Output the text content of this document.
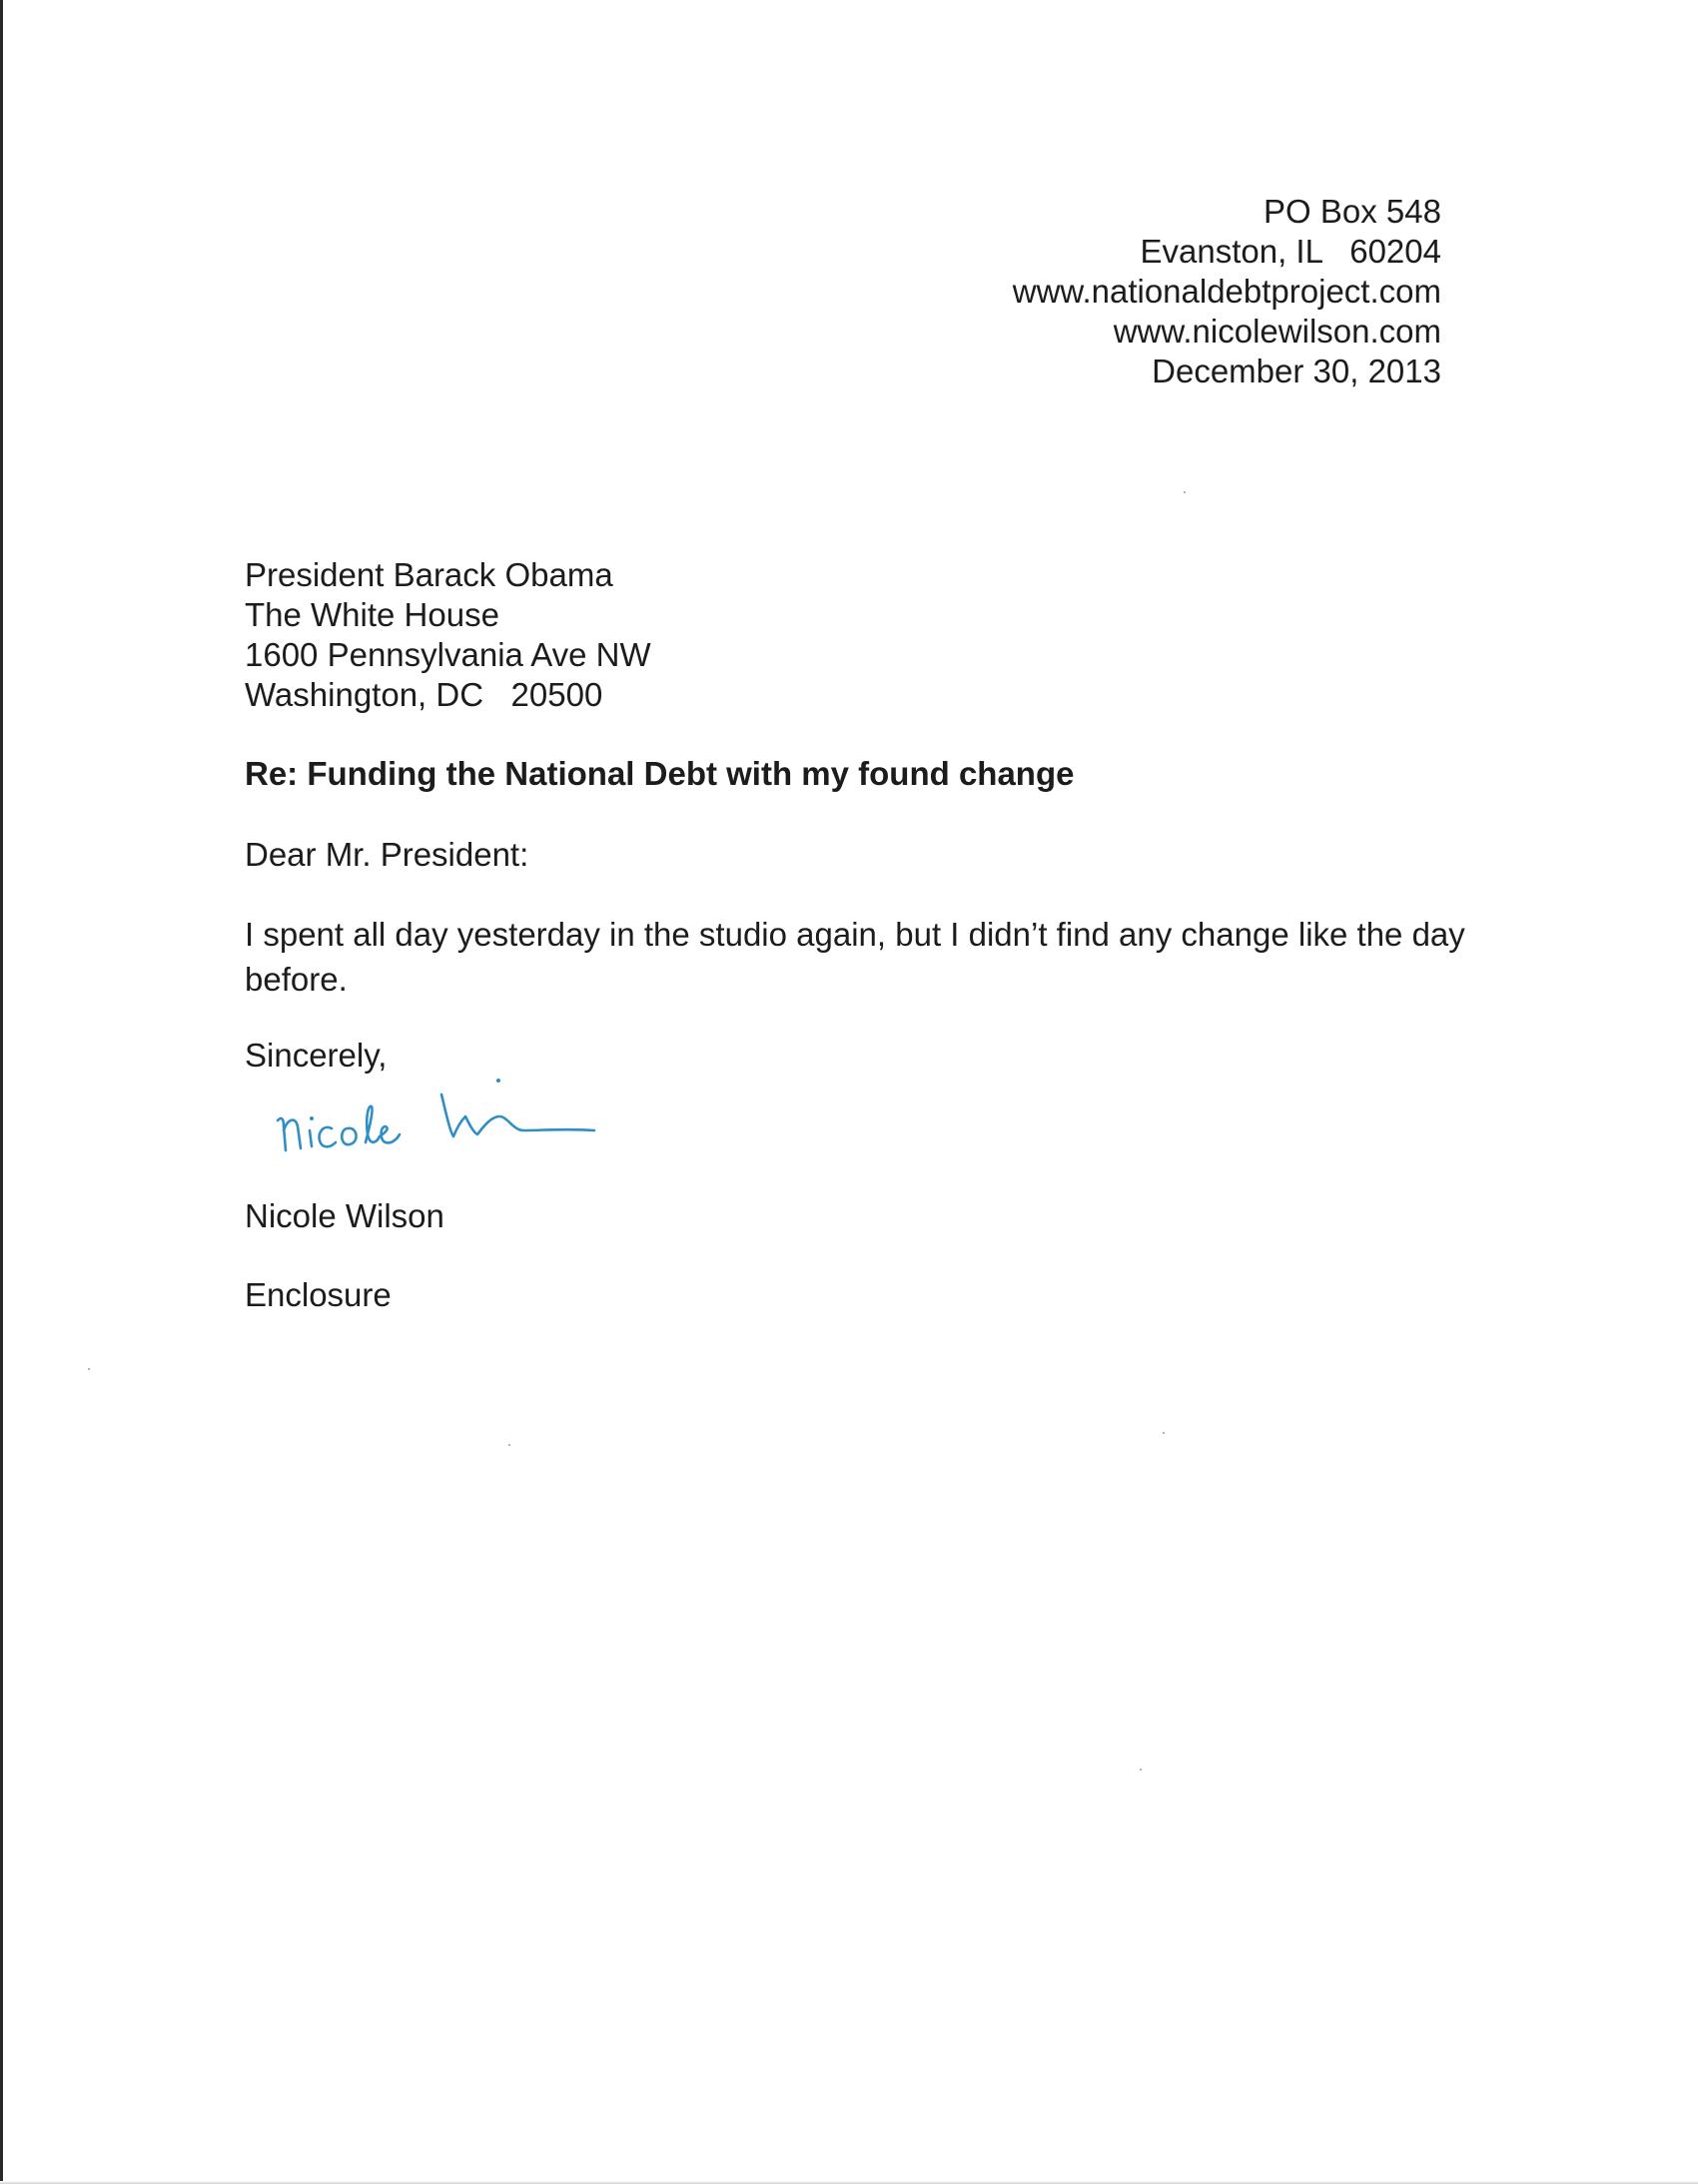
PO Box 548
Evanston, IL   60204
www.nationaldebtproject.com
www.nicolewilson.com
December 30, 2013
President Barack Obama
The White House
1600 Pennsylvania Ave NW
Washington, DC   20500
Re: Funding the National Debt with my found change
Dear Mr. President:
I spent all day yesterday in the studio again, but I didn’t find any change like the day before.
Sincerely,
Nicole Wilson
Enclosure
